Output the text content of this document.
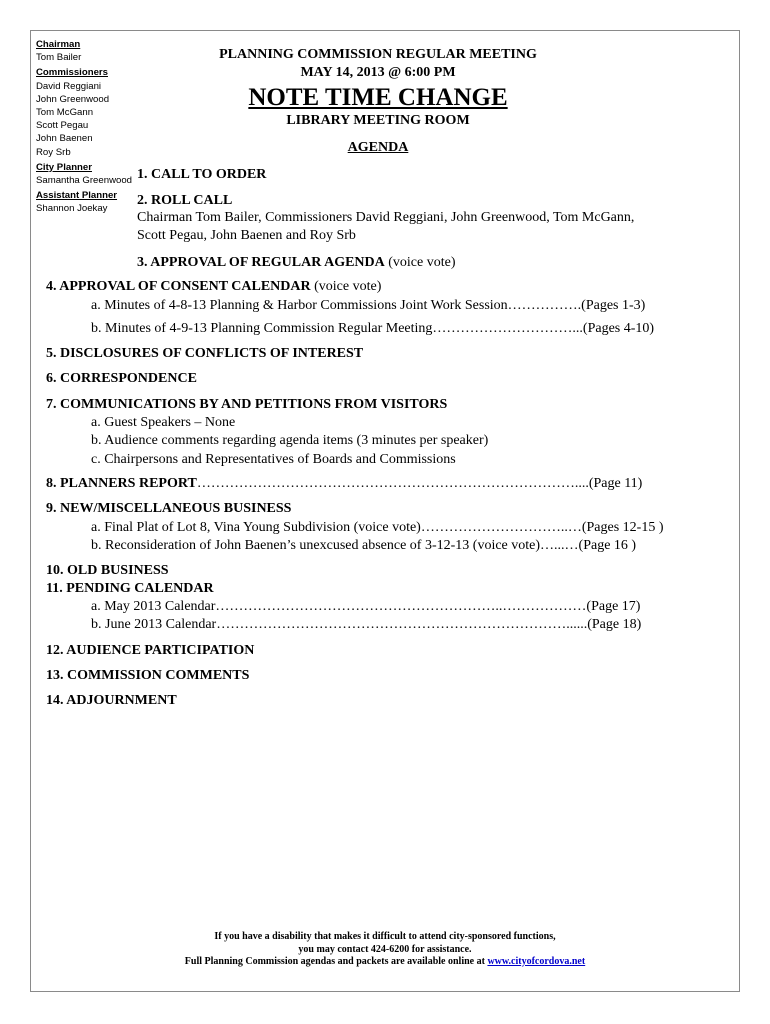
Chairman
Tom Bailer
Commissioners
David Reggiani
John Greenwood
Tom McGann
Scott Pegau
John Baenen
Roy Srb
City Planner
Samantha Greenwood
Assistant Planner
Shannon Joekay
PLANNING COMMISSION REGULAR MEETING
MAY 14, 2013 @ 6:00 PM
NOTE TIME CHANGE
LIBRARY MEETING ROOM
AGENDA
1. CALL TO ORDER
2. ROLL CALL
Chairman Tom Bailer, Commissioners David Reggiani, John Greenwood, Tom McGann,
Scott Pegau, John Baenen and Roy Srb
3. APPROVAL OF REGULAR AGENDA (voice vote)
4. APPROVAL OF CONSENT CALENDAR (voice vote)
a. Minutes of 4-8-13 Planning & Harbor Commissions Joint Work Session…………….(Pages 1-3)
b. Minutes of 4-9-13 Planning Commission Regular Meeting…………………………...(Pages 4-10)
5. DISCLOSURES OF CONFLICTS OF INTEREST
6. CORRESPONDENCE
7. COMMUNICATIONS BY AND PETITIONS FROM VISITORS
a. Guest Speakers – None
b. Audience comments regarding agenda items (3 minutes per speaker)
c. Chairpersons and Representatives of Boards and Commissions
8. PLANNERS REPORT………………………………………………………………………....(Page 11)
9. NEW/MISCELLANEOUS BUSINESS
a. Final Plat of Lot 8, Vina Young Subdivision (voice vote)…………………………..…(Pages 12-15 )
b. Reconsideration of John Baenen’s unexcused absence of 3-12-13 (voice vote)…...…(Page 16 )
10. OLD BUSINESS
11. PENDING CALENDAR
a. May 2013 Calendar……………………………………………………..………………(Page 17)
b. June 2013 Calendar…………………………………………………………………......(Page 18)
12. AUDIENCE PARTICIPATION
13. COMMISSION COMMENTS
14. ADJOURNMENT
If you have a disability that makes it difficult to attend city-sponsored functions,
you may contact 424-6200 for assistance.
Full Planning Commission agendas and packets are available online at www.cityofcordova.net
